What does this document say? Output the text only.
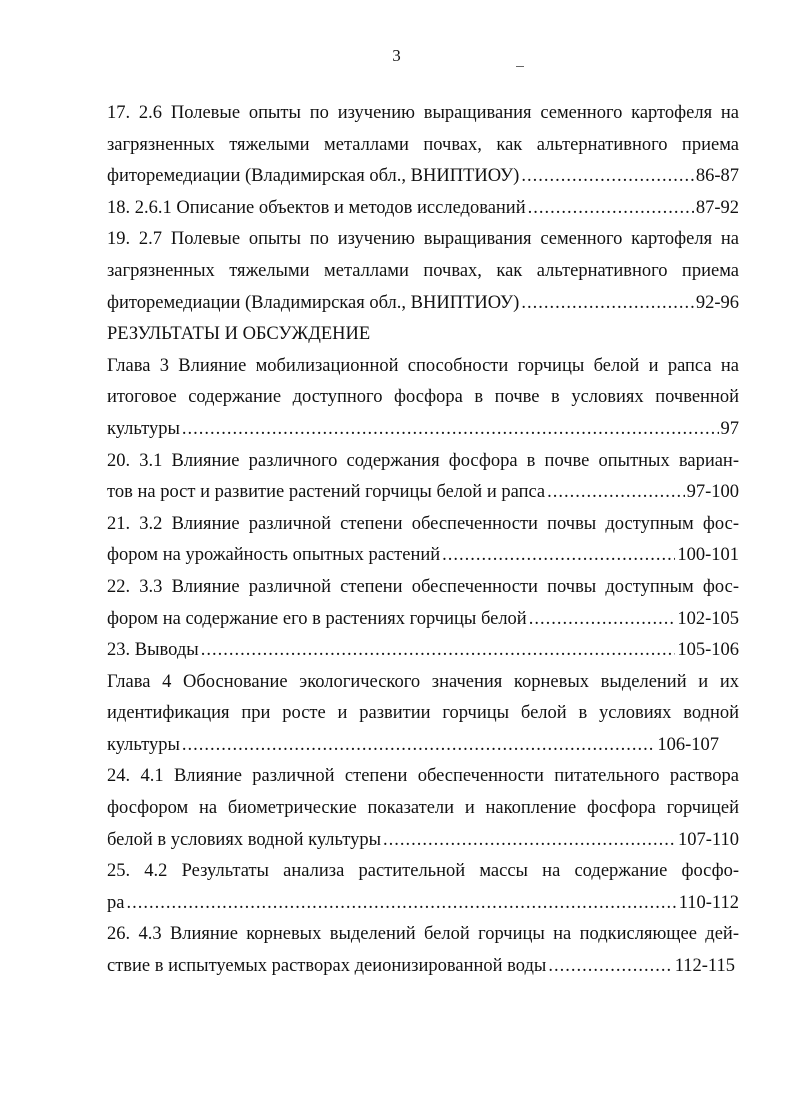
3
17. 2.6 Полевые опыты по изучению выращивания семенного картофеля на
загрязненных тяжелыми металлами почвах, как альтернативного приема
фиторемедиации (Владимирская обл., ВНИПТИОУ) .....	86-87
18. 2.6.1 Описание объектов и методов исследований .....	87-92
19. 2.7 Полевые опыты по изучению выращивания семенного картофеля на
загрязненных тяжелыми металлами почвах, как альтернативного приема
фиторемедиации (Владимирская обл., ВНИПТИОУ) .....	92-96
РЕЗУЛЬТАТЫ И ОБСУЖДЕНИЕ
Глава 3 Влияние мобилизационной способности горчицы белой и рапса на
итоговое содержание доступного фосфора в почве в условиях почвенной
культуры .....	97
20. 3.1 Влияние различного содержания фосфора в почве опытных вариан-
тов на рост и развитие растений горчицы белой и рапса .....	97-100
21. 3.2 Влияние различной степени обеспеченности почвы доступным фос-
фором на урожайность опытных растений .....	100-101
22. 3.3 Влияние различной степени обеспеченности почвы доступным фос-
фором на содержание его в растениях горчицы белой .....	102-105
23. Выводы .....	105-106
Глава 4 Обоснование экологического значения корневых выделений и их
идентификация при росте и развитии горчицы белой в условиях водной
культуры .....	106-107
24. 4.1 Влияние различной степени обеспеченности питательного раствора
фосфором на биометрические показатели и накопление фосфора горчицей
белой в условиях водной культуры .....	107-110
25. 4.2 Результаты анализа растительной массы на содержание фосфо-
ра .....	110-112
26. 4.3 Влияние корневых выделений белой горчицы на подкисляющее дей-
ствие в испытуемых растворах деионизированной воды .....	112-115
